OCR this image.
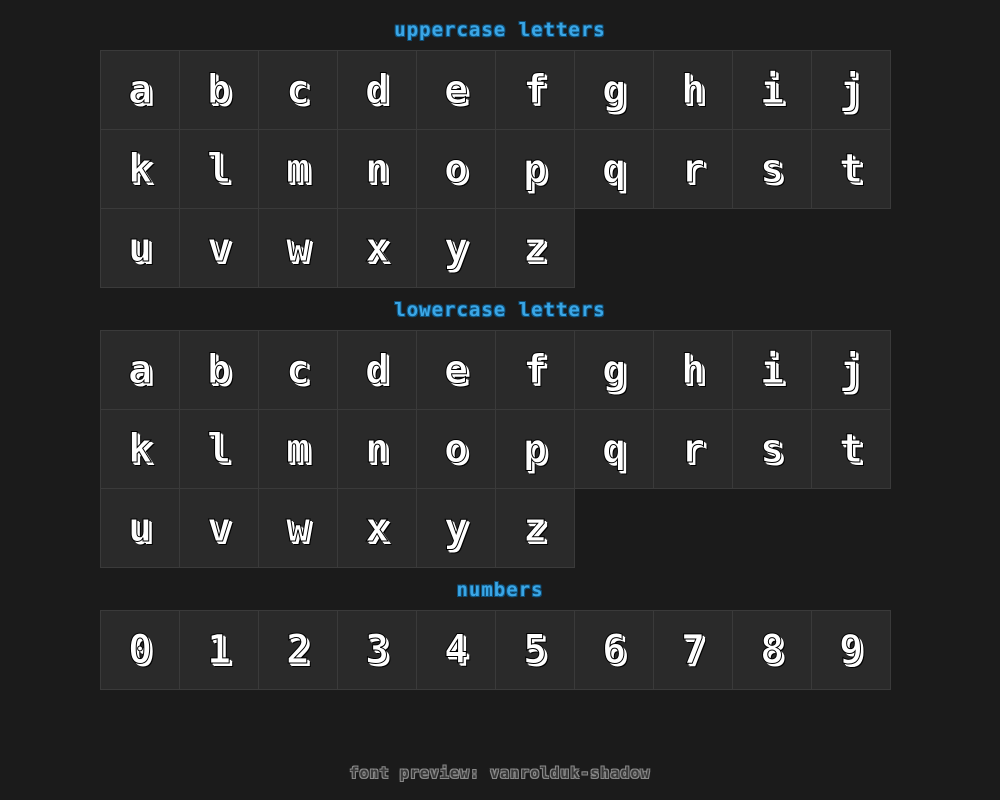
uppercase letters
a b c d e f g h i j
k l m n o p q r s t
u v w x y z
lowercase letters
a b c d e f g h i j
k l m n o p q r s t
u v w x y z
numbers
0 1 2 3 4 5 6 7 8 9
font preview: vanrolduk-shadow
